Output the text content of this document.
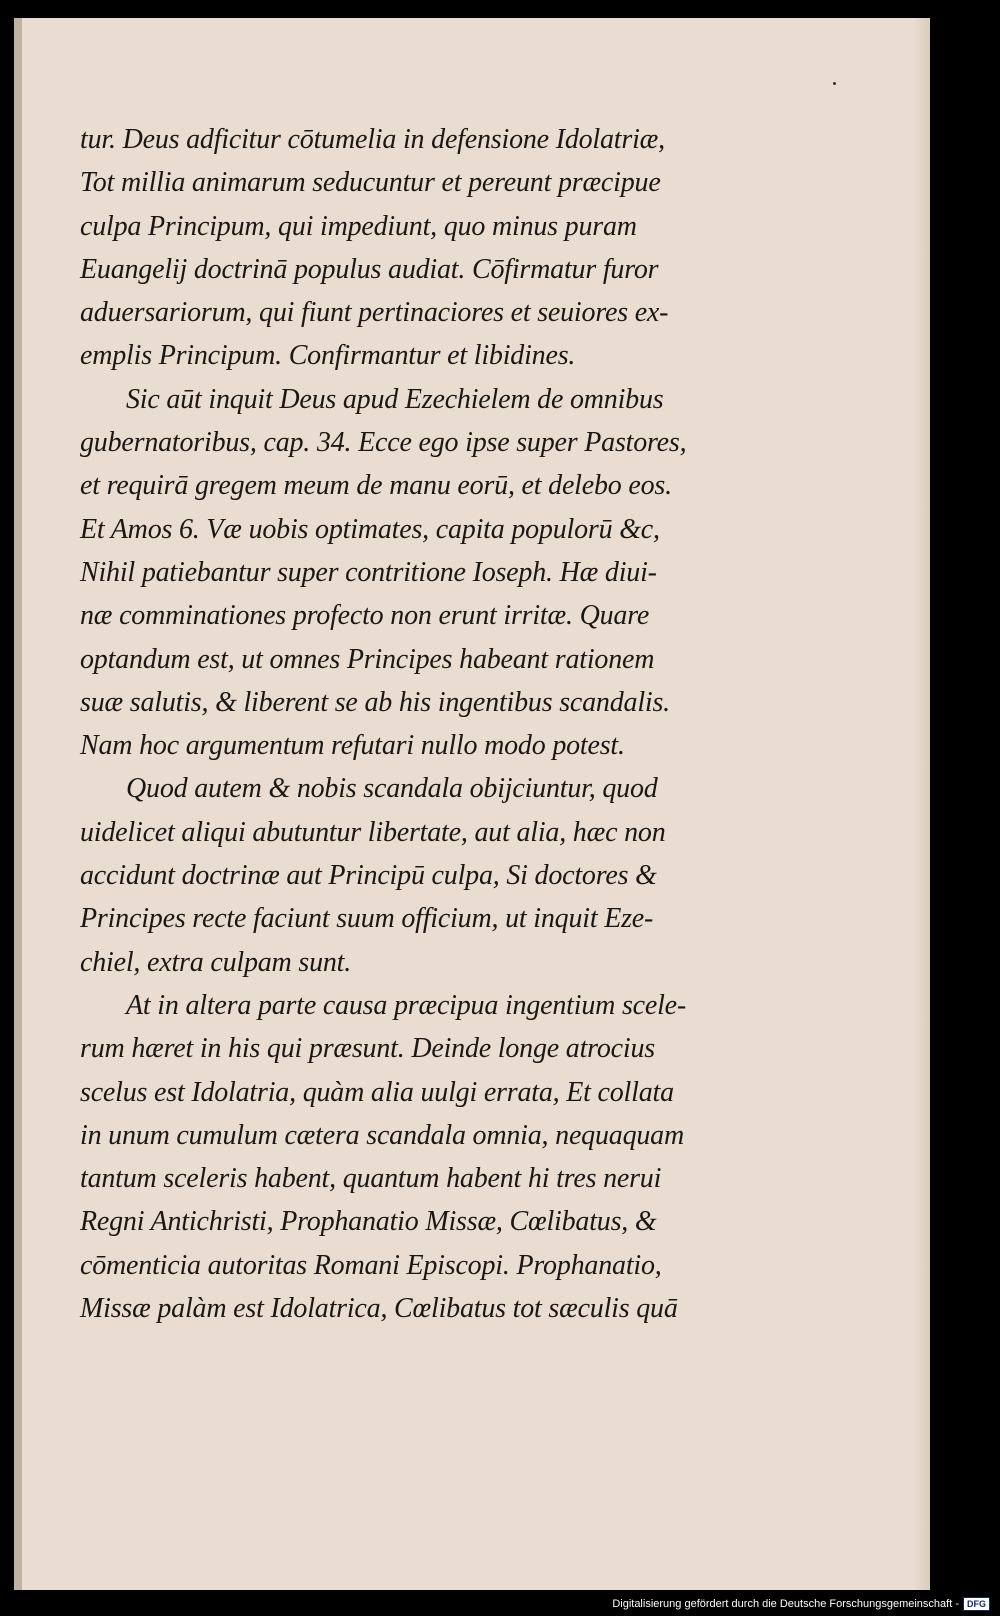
tur. Deus adficitur cōtumelia in defensione Idolatriæ,
Tot millia animarum seducuntur et pereunt præcipue
culpa Principum, qui impediunt, quo minus puram
Euangelij doctrinā populus audiat. Cōfirmatur furor
aduersariorum, qui fiunt pertinaciores et seuiores ex-
emplis Principum. Confirmantur et libidines.
Sic aūt inquit Deus apud Ezechielem de omnibus
gubernatoribus, cap. 34. Ecce ego ipse super Pastores,
et requirā gregem meum de manu eorū, et delebo eos.
Et Amos 6. Væ uobis optimates, capita populorū &c,
Nihil patiebantur super contritione Ioseph. Hæ diui-
næ comminationes profecto non erunt irritæ. Quare
optandum est, ut omnes Principes habeant rationem
suæ salutis, & liberent se ab his ingentibus scandalis.
Nam hoc argumentum refutari nullo modo potest.
Quod autem & nobis scandala obijciuntur, quod
uidelicet aliqui abutuntur libertate, aut alia, hæc non
accidunt doctrinæ aut Principū culpa, Si doctores &
Principes recte faciunt suum officium, ut inquit Eze-
chiel, extra culpam sunt.
At in altera parte causa præcipua ingentium scele-
rum hæret in his qui præsunt. Deinde longe atrocius
scelus est Idolatria, quàm alia uulgi errata, Et collata
in unum cumulum cætera scandala omnia, nequaquam
tantum sceleris habent, quantum habent hi tres nerui
Regni Antichristi, Prophanatio Missæ, Cœlibatus, &
cōmenticia autoritas Romani Episcopi. Prophanatio,
Missæ palàm est Idolatrica, Cœlibatus tot sæculis quā
Digitalisierung gefördert durch die Deutsche Forschungsgemeinschaft - DFG
